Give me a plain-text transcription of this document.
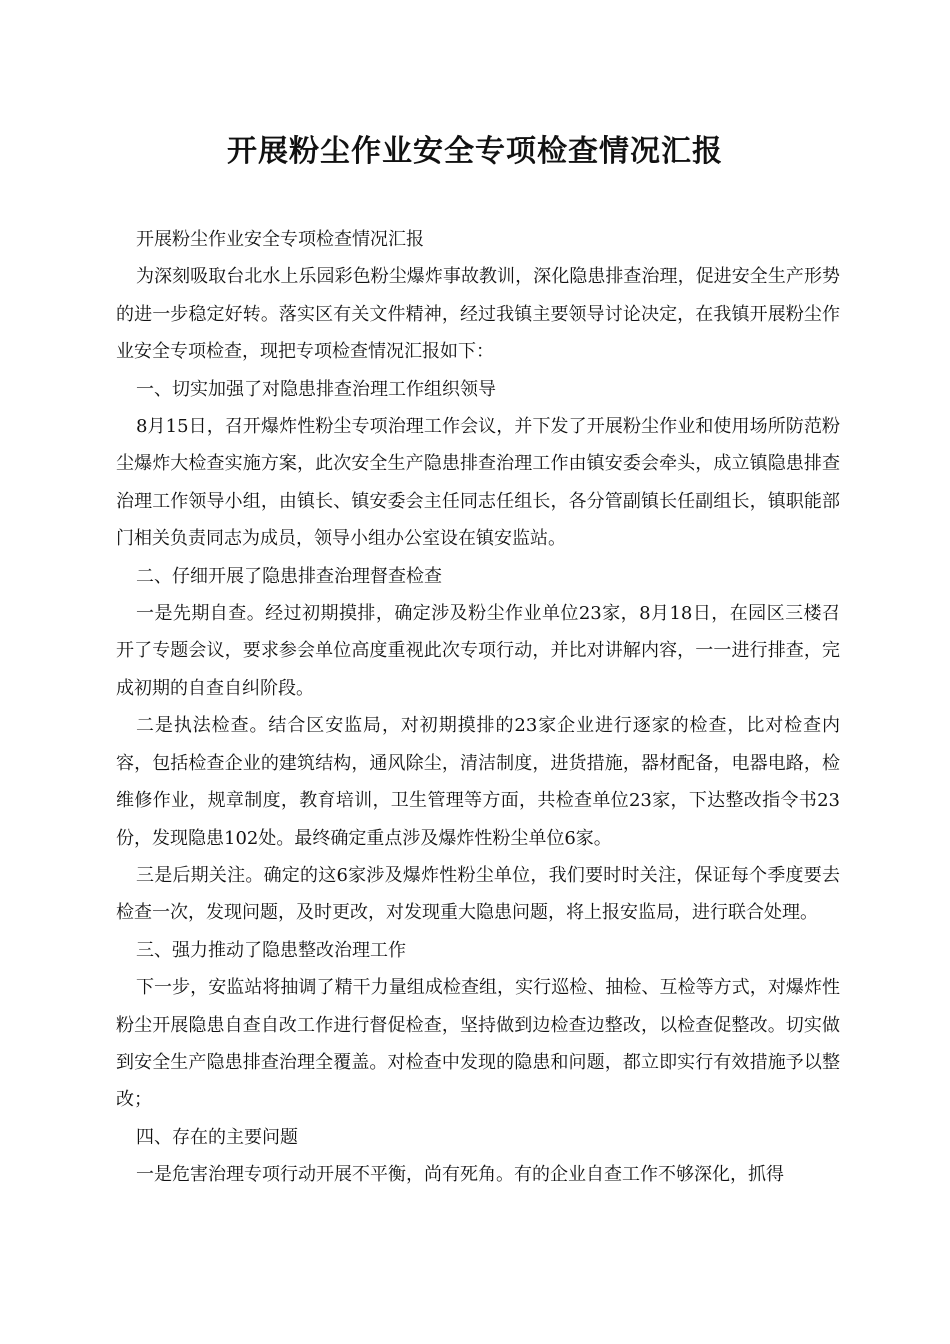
开展粉尘作业安全专项检查情况汇报

开展粉尘作业安全专项检查情况汇报

为深刻吸取台北水上乐园彩色粉尘爆炸事故教训，深化隐患排查治理，促进安全生产形势的进一步稳定好转。落实区有关文件精神，经过我镇主要领导讨论决定，在我镇开展粉尘作业安全专项检查，现把专项检查情况汇报如下：

一、切实加强了对隐患排查治理工作组织领导

8月15日，召开爆炸性粉尘专项治理工作会议，并下发了开展粉尘作业和使用场所防范粉尘爆炸大检查实施方案，此次安全生产隐患排查治理工作由镇安委会牵头，成立镇隐患排查治理工作领导小组，由镇长、镇安委会主任同志任组长，各分管副镇长任副组长，镇职能部门相关负责同志为成员，领导小组办公室设在镇安监站。

二、仔细开展了隐患排查治理督查检查

一是先期自查。经过初期摸排，确定涉及粉尘作业单位23家，8月18日，在园区三楼召开了专题会议，要求参会单位高度重视此次专项行动，并比对讲解内容，一一进行排查，完成初期的自查自纠阶段。

二是执法检查。结合区安监局，对初期摸排的23家企业进行逐家的检查，比对检查内容，包括检查企业的建筑结构，通风除尘，清洁制度，进货措施，器材配备，电器电路，检维修作业，规章制度，教育培训，卫生管理等方面，共检查单位23家，下达整改指令书23份，发现隐患102处。最终确定重点涉及爆炸性粉尘单位6家。

三是后期关注。确定的这6家涉及爆炸性粉尘单位，我们要时时关注，保证每个季度要去检查一次，发现问题，及时更改，对发现重大隐患问题，将上报安监局，进行联合处理。

三、强力推动了隐患整改治理工作

下一步，安监站将抽调了精干力量组成检查组，实行巡检、抽检、互检等方式，对爆炸性粉尘开展隐患自查自改工作进行督促检查，坚持做到边检查边整改，以检查促整改。切实做到安全生产隐患排查治理全覆盖。对检查中发现的隐患和问题，都立即实行有效措施予以整改；

四、存在的主要问题

一是危害治理专项行动开展不平衡，尚有死角。有的企业自查工作不够深化，抓得
